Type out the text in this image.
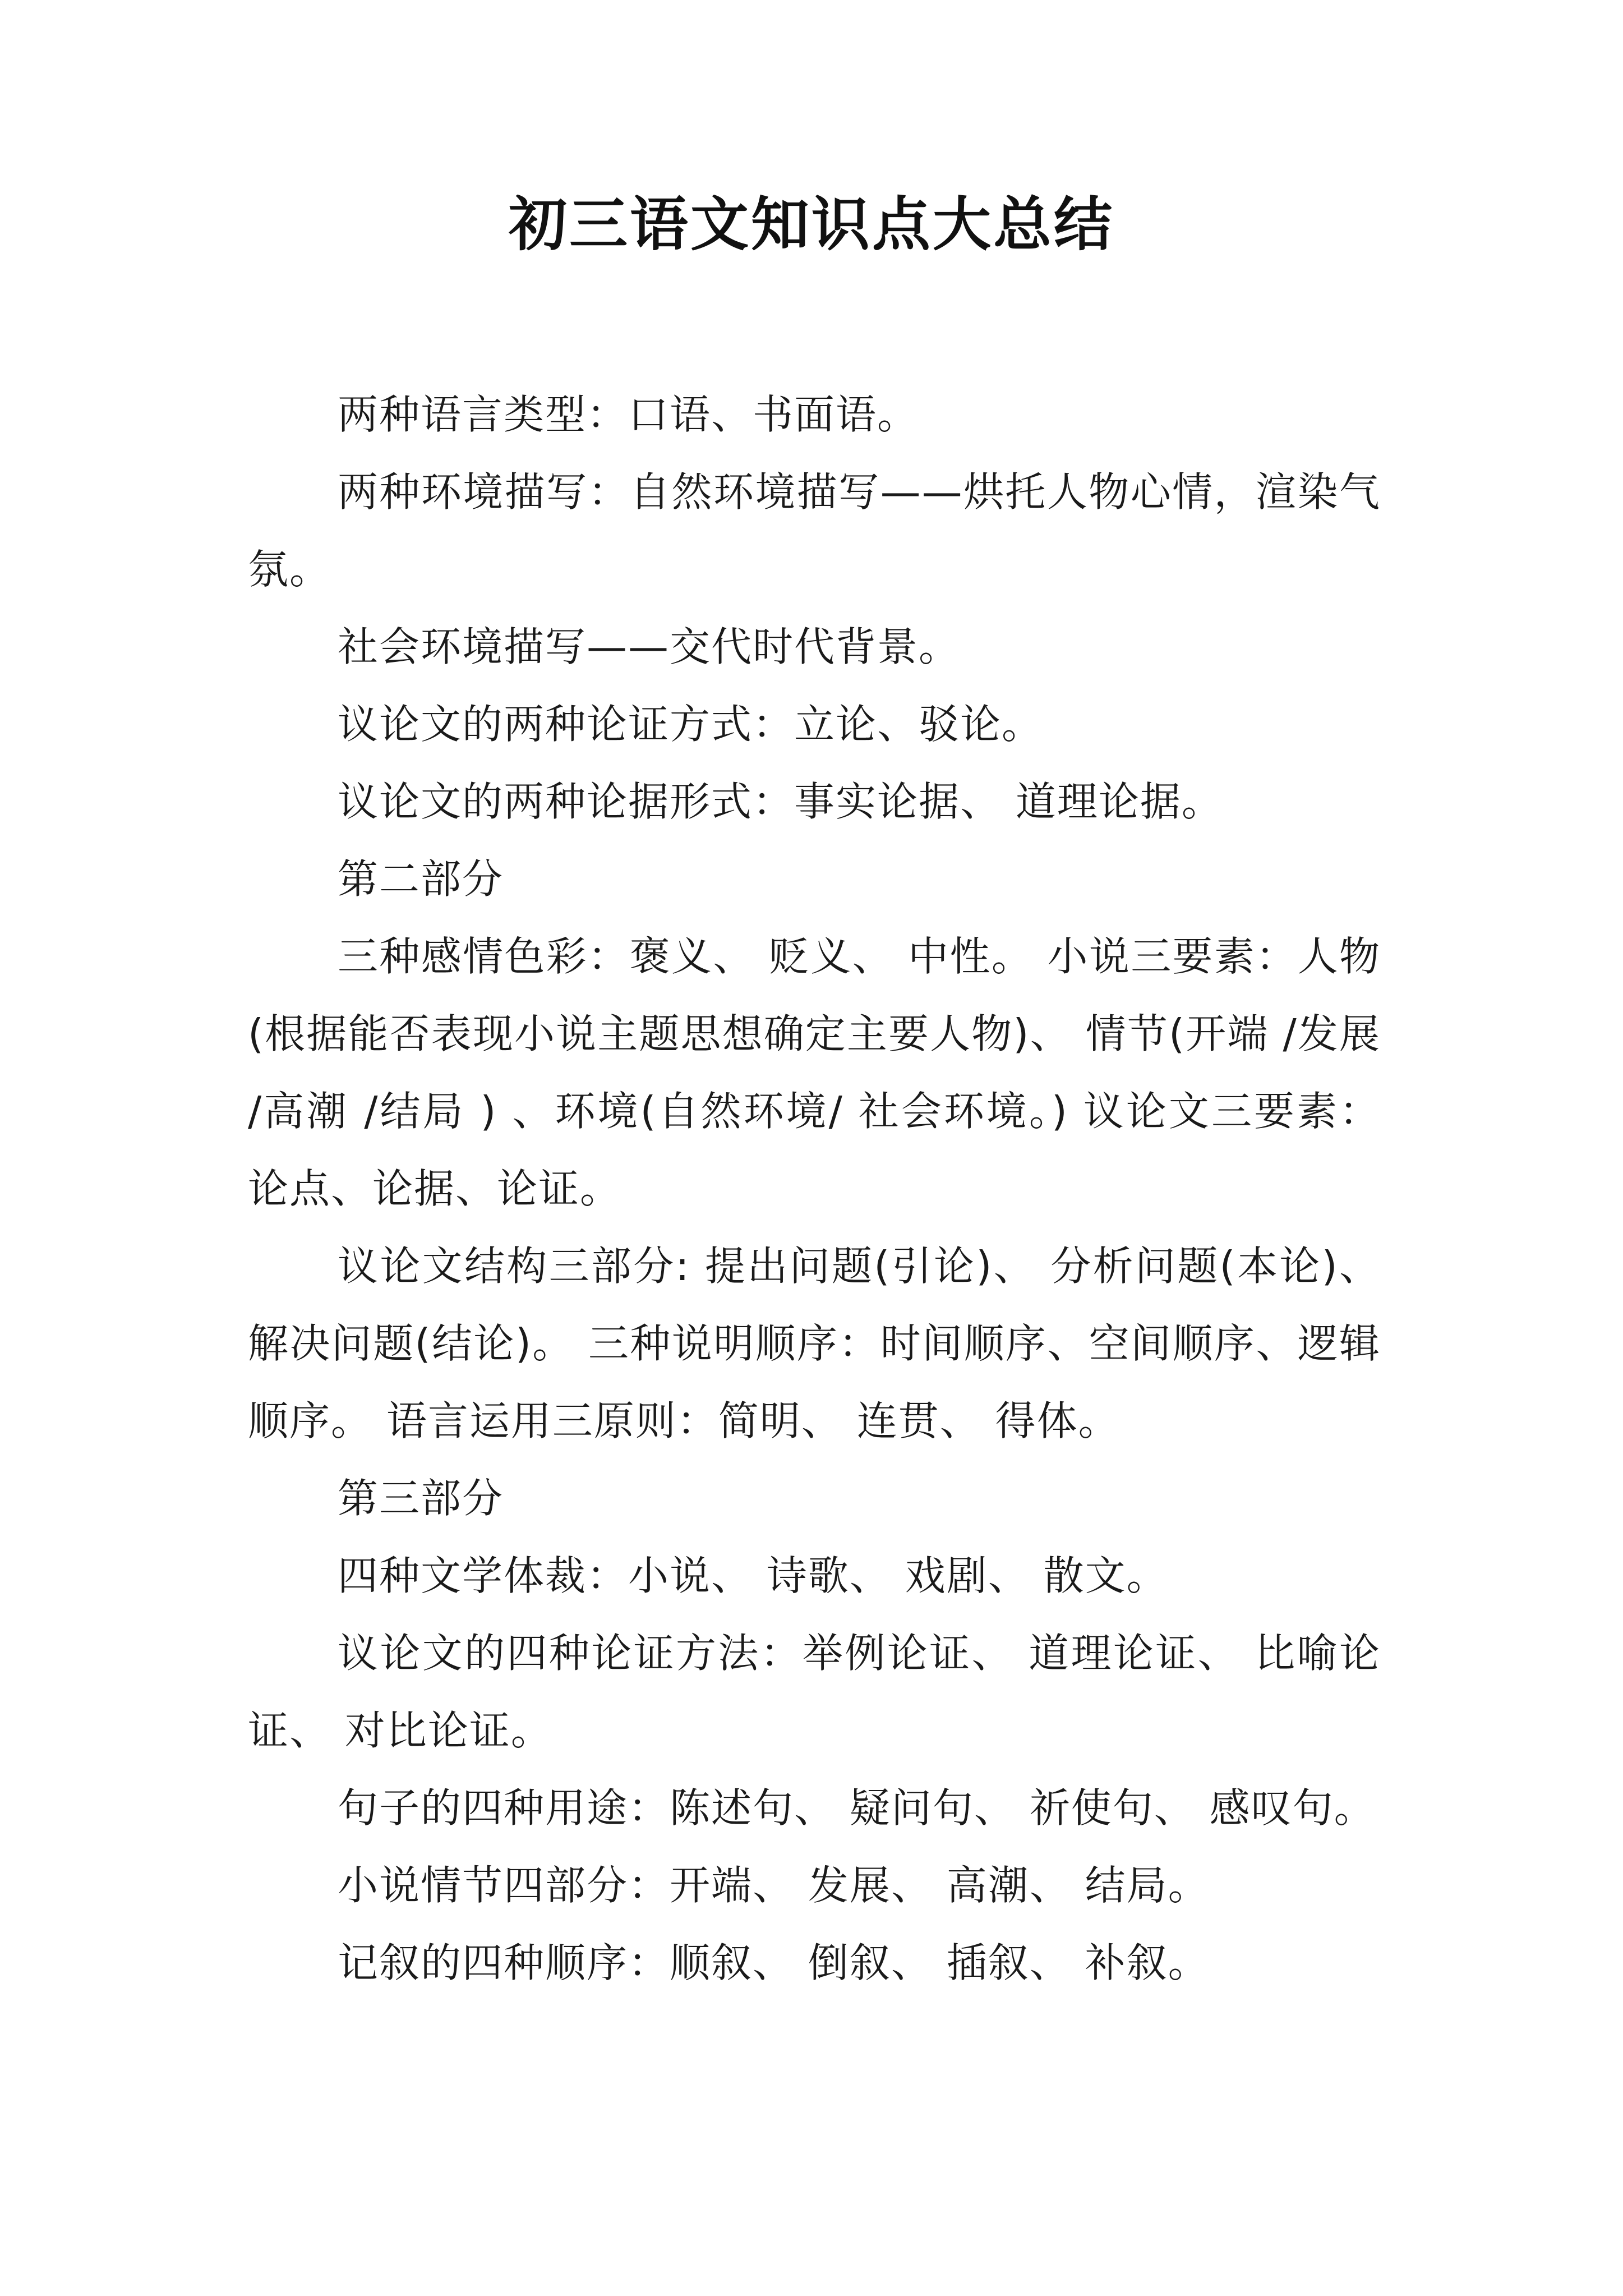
初三语文知识点大总结

两种语言类型：口语、书面语。

两种环境描写：自然环境描写——烘托人物心情，渲染气氛。

社会环境描写——交代时代背景。

议论文的两种论证方式：立论、驳论。

议论文的两种论据形式：事实论据、 道理论据。

第二部分

三种感情色彩：褒义、 贬义、 中性。 小说三要素：人物(根据能否表现小说主题思想确定主要人物)、 情节(开端 /发展 /高潮 /结局 ) 、环境(自然环境/ 社会环境。) 议论文三要素：论点、论据、论证。

议论文结构三部分: 提出问题(引论)、 分析问题(本论)、解决问题(结论)。 三种说明顺序：时间顺序、空间顺序、逻辑顺序。 语言运用三原则：简明、 连贯、 得体。

第三部分

四种文学体裁：小说、 诗歌、 戏剧、 散文。

议论文的四种论证方法：举例论证、 道理论证、 比喻论证、 对比论证。

句子的四种用途：陈述句、 疑问句、 祈使句、 感叹句。

小说情节四部分：开端、 发展、 高潮、 结局。

记叙的四种顺序：顺叙、 倒叙、 插叙、 补叙。
